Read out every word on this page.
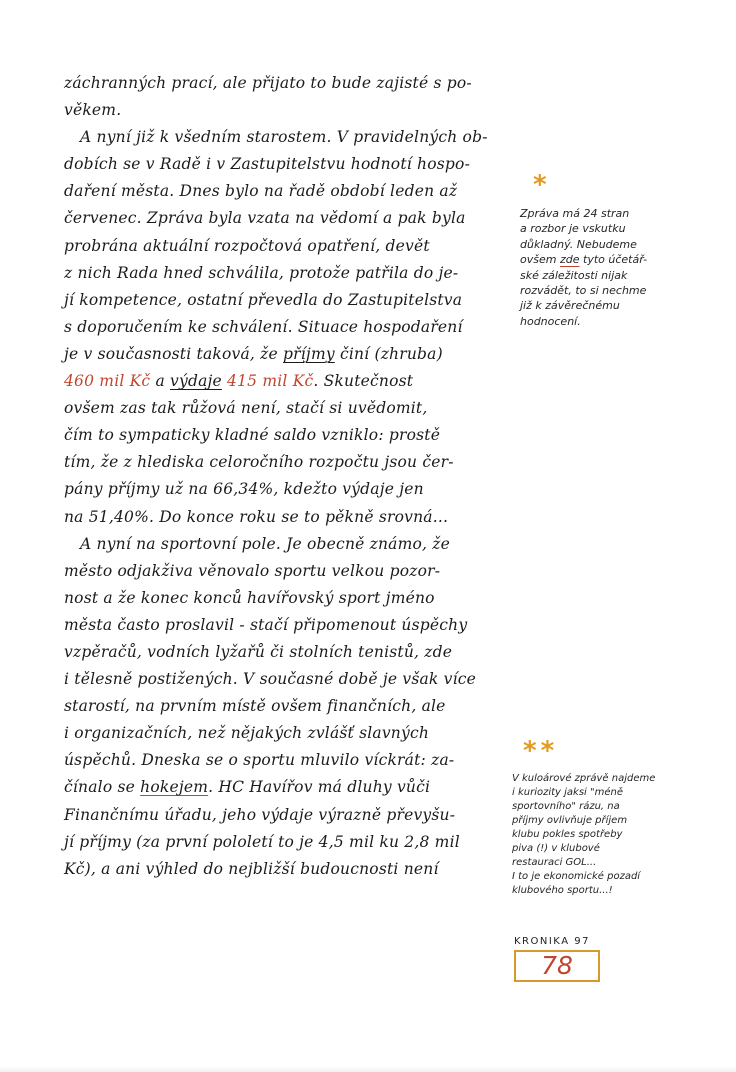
záchranných prací, ale přijato to bude zajisté s po-
věkem.
A nyní již k všedním starostem. V pravidelných ob-
dobích se v Radě i v Zastupitelstvu hodnotí hospo-
daření města. Dnes bylo na řadě období leden až
červenec. Zpráva byla vzata na vědomí a pak byla
probrána aktuální rozpočtová opatření, devět
z nich Rada hned schválila, protože patřila do je-
jí kompetence, ostatní převedla do Zastupitelstva
s doporučením ke schválení. Situace hospodaření
je v současnosti taková, že příjmy činí (zhruba)
460 mil Kč a výdaje 415 mil Kč. Skutečnost
ovšem zas tak růžová není, stačí si uvědomit,
čím to sympaticky kladné saldo vzniklo: prostě
tím, že z hlediska celoročního rozpočtu jsou čer-
pány příjmy už na 66,34%, kdežto výdaje jen
na 51,40%. Do konce roku se to pěkně srovná...
A nyní na sportovní pole. Je obecně známo, že
město odjakživa věnovalo sportu velkou pozor-
nost a že konec konců havířovský sport jméno
města často proslavil - stačí připomenout úspěchy
vzpěračů, vodních lyžařů či stolních tenistů, zde
i tělesně postižených. V současné době je však více
starostí, na prvním místě ovšem finančních, ale
i organizačních, než nějakých zvlášť slavných
úspěchů. Dneska se o sportu mluvilo víckrát: za-
čínalo se hokejem. HC Havířov má dluhy vůči
Finančnímu úřadu, jeho výdaje výrazně převyšu-
jí příjmy (za první pololetí to je 4,5 mil ku 2,8 mil
Kč), a ani výhled do nejbližší budoucnosti není
*
Zpráva má 24 stran
a rozbor je vskutku
důkladný. Nebudeme
ovšem zde tyto účetář-
ské záležitosti nijak
rozvádět, to si nechme
již k závěrečnému
hodnocení.
**
V kuloárové zprávě najdeme
i kuriozity jaksi "méně
sportovního" rázu, na
příjmy ovlivňuje příjem
klubu pokles spotřeby
piva (!) v klubové
restauraci GOL...
I to je ekonomické pozadí
klubového sportu...!
KRONIKA 97
78
